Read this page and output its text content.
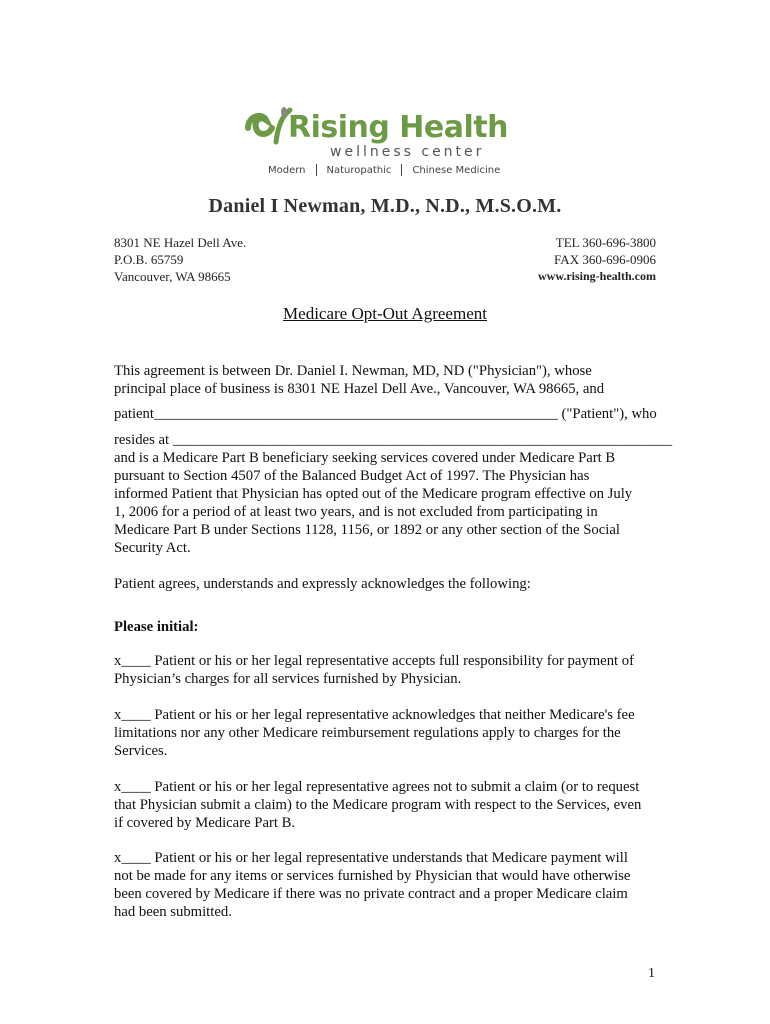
Rising Health
wellness center
Modern Naturopathic Chinese Medicine
Daniel I Newman, M.D., N.D., M.S.O.M.
8301 NE Hazel Dell Ave.
P.O.B. 65759
Vancouver, WA 98665
TEL 360-696-3800
FAX 360-696-0906
www.rising-health.com
Medicare Opt-Out Agreement
This agreement is between Dr. Daniel I. Newman, MD, ND ("Physician"), whose
principal place of business is 8301 NE Hazel Dell Ave., Vancouver, WA 98665, and
patient_______________________________________________________ ("Patient"), who
resides at ____________________________________________________________________
and is a Medicare Part B beneficiary seeking services covered under Medicare Part B
pursuant to Section 4507 of the Balanced Budget Act of 1997. The Physician has
informed Patient that Physician has opted out of the Medicare program effective on July
1, 2006 for a period of at least two years, and is not excluded from participating in
Medicare Part B under Sections 1128, 1156, or 1892 or any other section of the Social
Security Act.
Patient agrees, understands and expressly acknowledges the following:
Please initial:
x____ Patient or his or her legal representative accepts full responsibility for payment of
Physician’s charges for all services furnished by Physician.
x____ Patient or his or her legal representative acknowledges that neither Medicare's fee
limitations nor any other Medicare reimbursement regulations apply to charges for the
Services.
x____ Patient or his or her legal representative agrees not to submit a claim (or to request
that Physician submit a claim) to the Medicare program with respect to the Services, even
if covered by Medicare Part B.
x____ Patient or his or her legal representative understands that Medicare payment will
not be made for any items or services furnished by Physician that would have otherwise
been covered by Medicare if there was no private contract and a proper Medicare claim
had been submitted.
1
